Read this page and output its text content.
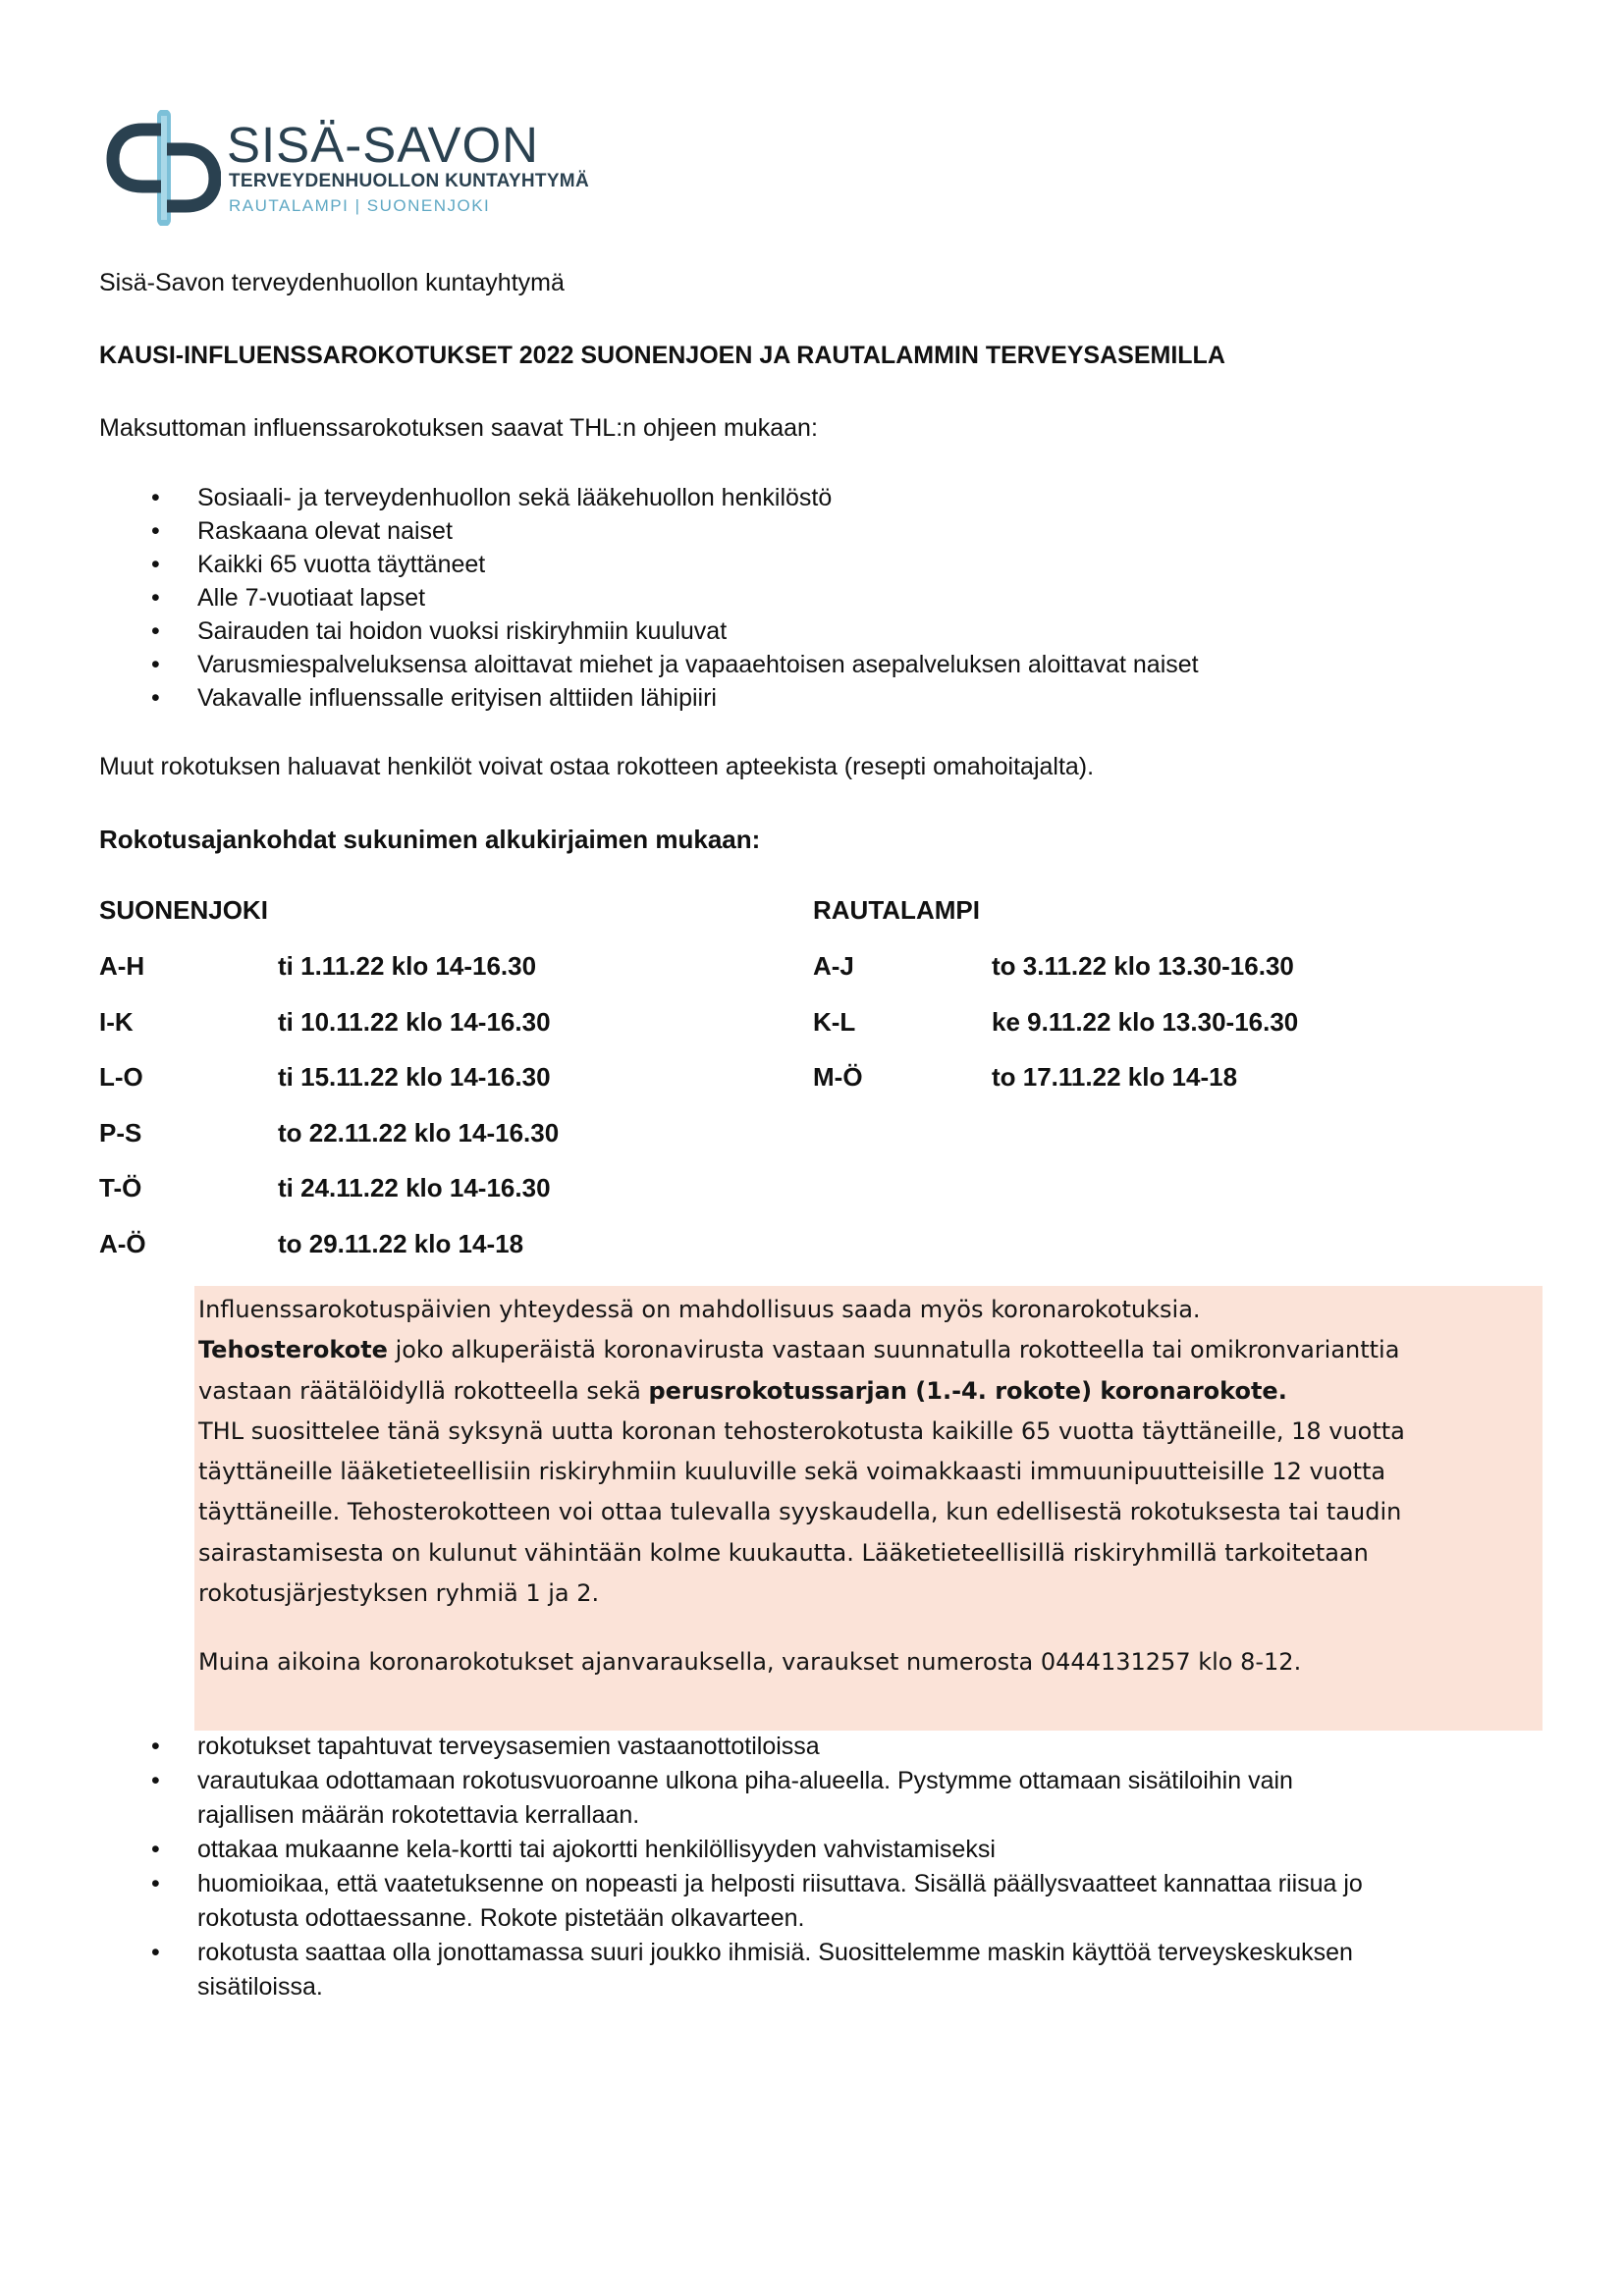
SISÄ-SAVON
TERVEYDENHUOLLON KUNTAYHTYMÄ
RAUTALAMPI | SUONENJOKI
Sisä-Savon terveydenhuollon kuntayhtymä
KAUSI-INFLUENSSAROKOTUKSET 2022 SUONENJOEN JA RAUTALAMMIN TERVEYSASEMILLA
Maksuttoman influenssarokotuksen saavat THL:n ohjeen mukaan:
• Sosiaali- ja terveydenhuollon sekä lääkehuollon henkilöstö
• Raskaana olevat naiset
• Kaikki 65 vuotta täyttäneet
• Alle 7-vuotiaat lapset
• Sairauden tai hoidon vuoksi riskiryhmiin kuuluvat
• Varusmiespalveluksensa aloittavat miehet ja vapaaehtoisen asepalveluksen aloittavat naiset
• Vakavalle influenssalle erityisen alttiiden lähipiiri
Muut rokotuksen haluavat henkilöt voivat ostaa rokotteen apteekista (resepti omahoitajalta).
Rokotusajankohdat sukunimen alkukirjaimen mukaan:
SUONENJOKI
A-H	ti 1.11.22 klo 14-16.30
I-K	ti 10.11.22 klo 14-16.30
L-O	ti 15.11.22 klo 14-16.30
P-S	to 22.11.22 klo 14-16.30
T-Ö	ti 24.11.22 klo 14-16.30
A-Ö	to 29.11.22 klo 14-18
RAUTALAMPI
A-J	to 3.11.22 klo 13.30-16.30
K-L	ke 9.11.22 klo 13.30-16.30
M-Ö	to 17.11.22 klo 14-18
Influenssarokotuspäivien yhteydessä on mahdollisuus saada myös koronarokotuksia.
Tehosterokote joko alkuperäistä koronavirusta vastaan suunnatulla rokotteella tai omikronvarianttia
vastaan räätälöidyllä rokotteella sekä perusrokotussarjan (1.-4. rokote) koronarokote.
THL suosittelee tänä syksynä uutta koronan tehosterokotusta kaikille 65 vuotta täyttäneille, 18 vuotta
täyttäneille lääketieteellisiin riskiryhmiin kuuluville sekä voimakkaasti immuunipuutteisille 12 vuotta
täyttäneille. Tehosterokotteen voi ottaa tulevalla syyskaudella, kun edellisestä rokotuksesta tai taudin
sairastamisesta on kulunut vähintään kolme kuukautta. Lääketieteellisillä riskiryhmillä tarkoitetaan
rokotusjärjestyksen ryhmiä 1 ja 2.
Muina aikoina koronarokotukset ajanvarauksella, varaukset numerosta 0444131257 klo 8-12.
• rokotukset tapahtuvat terveysasemien vastaanottotiloissa
• varautukaa odottamaan rokotusvuoroanne ulkona piha-alueella. Pystymme ottamaan sisätiloihin vain
rajallisen määrän rokotettavia kerrallaan.
• ottakaa mukaanne kela-kortti tai ajokortti henkilöllisyyden vahvistamiseksi
• huomioikaa, että vaatetuksenne on nopeasti ja helposti riisuttava. Sisällä päällysvaatteet kannattaa riisua jo
rokotusta odottaessanne. Rokote pistetään olkavarteen.
• rokotusta saattaa olla jonottamassa suuri joukko ihmisiä. Suosittelemme maskin käyttöä terveyskeskuksen
sisätiloissa.
